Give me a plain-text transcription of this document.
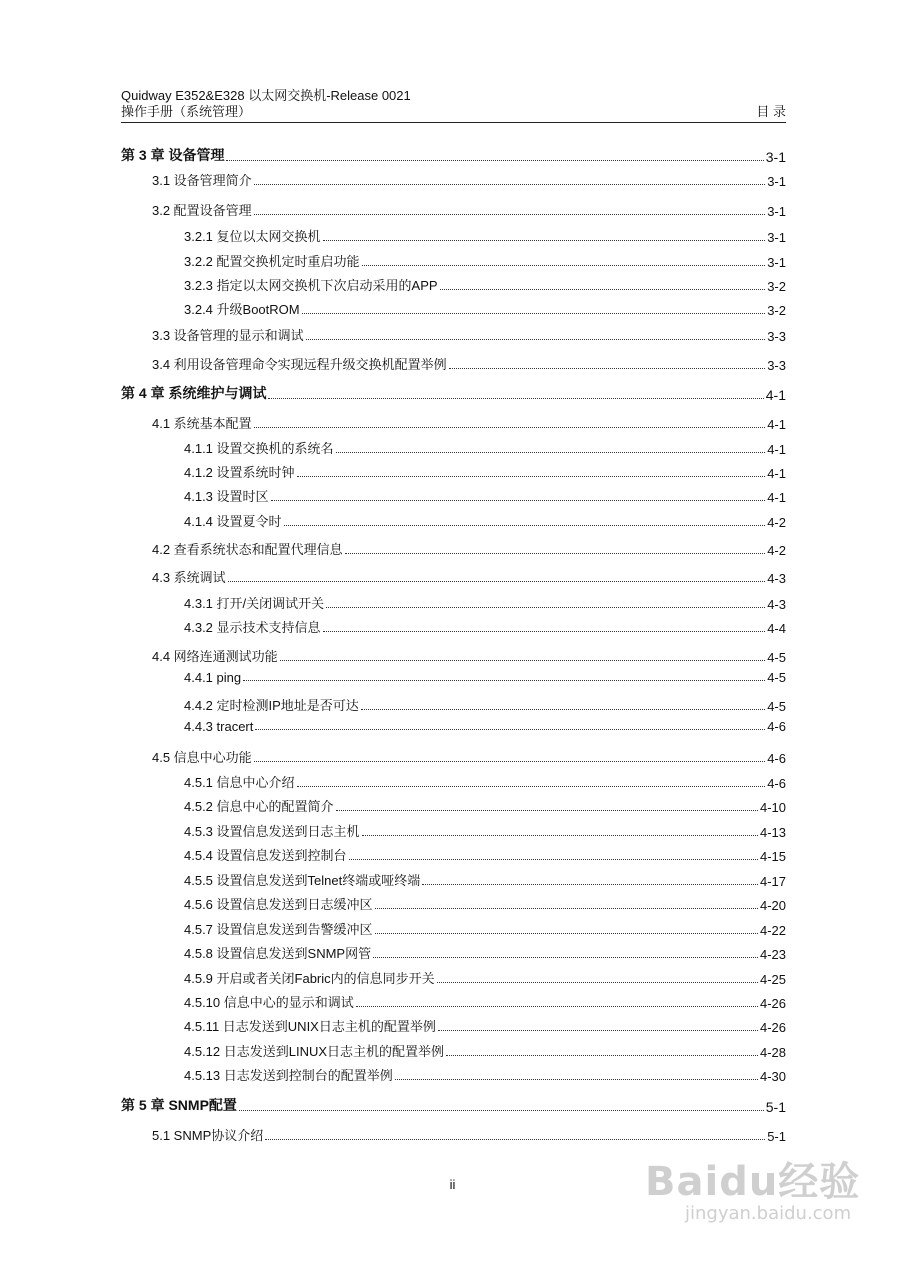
Quidway E352&E328 以太网交换机-Release 0021
操作手册（系统管理）	目 录
第 3 章 设备管理	3-1
3.1 设备管理简介	3-1
3.2 配置设备管理	3-1
3.2.1 复位以太网交换机	3-1
3.2.2 配置交换机定时重启功能	3-1
3.2.3 指定以太网交换机下次启动采用的APP	3-2
3.2.4 升级BootROM	3-2
3.3 设备管理的显示和调试	3-3
3.4 利用设备管理命令实现远程升级交换机配置举例	3-3
第 4 章 系统维护与调试	4-1
4.1 系统基本配置	4-1
4.1.1 设置交换机的系统名	4-1
4.1.2 设置系统时钟	4-1
4.1.3 设置时区	4-1
4.1.4 设置夏令时	4-2
4.2 查看系统状态和配置代理信息	4-2
4.3 系统调试	4-3
4.3.1 打开/关闭调试开关	4-3
4.3.2 显示技术支持信息	4-4
4.4 网络连通测试功能	4-5
4.4.1 ping	4-5
4.4.2 定时检测IP地址是否可达	4-5
4.4.3 tracert	4-6
4.5 信息中心功能	4-6
4.5.1 信息中心介绍	4-6
4.5.2 信息中心的配置简介	4-10
4.5.3 设置信息发送到日志主机	4-13
4.5.4 设置信息发送到控制台	4-15
4.5.5 设置信息发送到Telnet终端或哑终端	4-17
4.5.6 设置信息发送到日志缓冲区	4-20
4.5.7 设置信息发送到告警缓冲区	4-22
4.5.8 设置信息发送到SNMP网管	4-23
4.5.9 开启或者关闭Fabric内的信息同步开关	4-25
4.5.10 信息中心的显示和调试	4-26
4.5.11 日志发送到UNIX日志主机的配置举例	4-26
4.5.12 日志发送到LINUX日志主机的配置举例	4-28
4.5.13 日志发送到控制台的配置举例	4-30
第 5 章 SNMP配置	5-1
5.1 SNMP协议介绍	5-1
ii	Baidu经验
jingyan.baidu.com
